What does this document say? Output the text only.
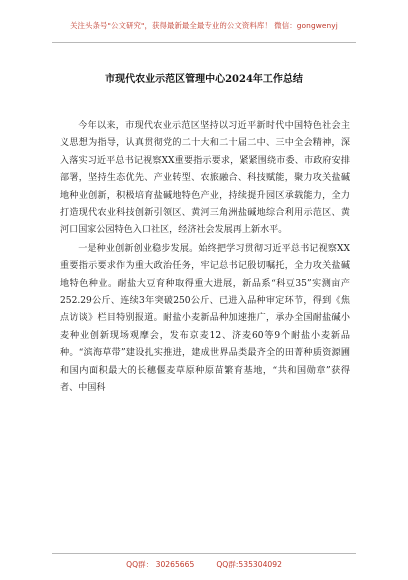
关注头条号"公文研究"，获得最新最全最专业的公文资料库！ 微信：gongwenyj
市现代农业示范区管理中心2024年工作总结

今年以来，市现代农业示范区坚持以习近平新时代中国特色社会主义思想为指导，认真贯彻党的二十大和二十届二中、三中全会精神，深入落实习近平总书记视察XX重要指示要求，紧紧围绕市委、市政府安排部署，坚持生态优先、产业转型、农旅融合、科技赋能，聚力攻关盐碱地种业创新，积极培育盐碱地特色产业，持续提升园区承载能力，全力打造现代农业科技创新引领区、黄河三角洲盐碱地综合利用示范区、黄河口国家公园特色入口社区，经济社会发展再上新水平。

一是种业创新创业稳步发展。始终把学习贯彻习近平总书记视察XX重要指示要求作为重大政治任务，牢记总书记殷切嘱托，全力攻关盐碱地特色种业。耐盐大豆育种取得重大进展，新品系“科豆35”实测亩产252.29公斤、连续3年突破250公斤、已进入品种审定环节，得到《焦点访谈》栏目特别报道。耐盐小麦新品种加速推广，承办全国耐盐碱小麦种业创新现场观摩会，发布京麦12、济麦60等9个耐盐小麦新品种。“滨海草带”建设扎实推进，建成世界品类最齐全的田菁种质资源圃和国内面积最大的长穗偃麦草原种原苗繁育基地，“共和国勋章”获得者、中国科

QQ群： 30265665	QQ群:535304092
